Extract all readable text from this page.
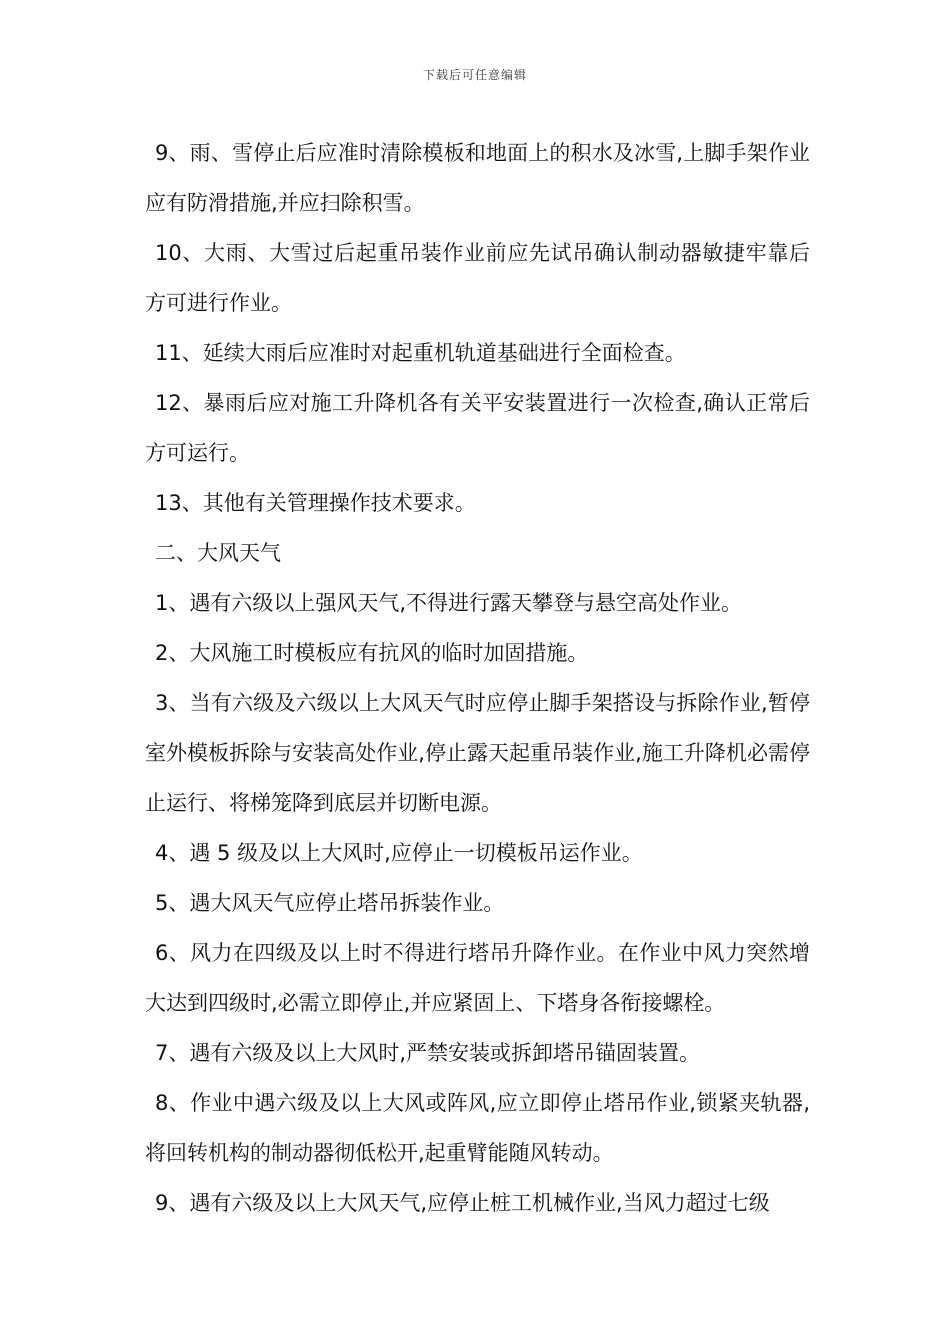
下载后可任意编辑

9、雨、雪停止后应准时清除模板和地面上的积水及冰雪,上脚手架作业应有防滑措施,并应扫除积雪。

10、大雨、大雪过后起重吊装作业前应先试吊确认制动器敏捷牢靠后方可进行作业。

11、延续大雨后应准时对起重机轨道基础进行全面检查。

12、暴雨后应对施工升降机各有关平安装置进行一次检查,确认正常后方可运行。

13、其他有关管理操作技术要求。

二、大风天气

1、遇有六级以上强风天气,不得进行露天攀登与悬空高处作业。

2、大风施工时模板应有抗风的临时加固措施。

3、当有六级及六级以上大风天气时应停止脚手架搭设与拆除作业,暂停室外模板拆除与安装高处作业,停止露天起重吊装作业,施工升降机必需停止运行、将梯笼降到底层并切断电源。

4、遇 5 级及以上大风时,应停止一切模板吊运作业。

5、遇大风天气应停止塔吊拆装作业。

6、风力在四级及以上时不得进行塔吊升降作业。在作业中风力突然增大达到四级时,必需立即停止,并应紧固上、下塔身各衔接螺栓。

7、遇有六级及以上大风时,严禁安装或拆卸塔吊锚固装置。

8、作业中遇六级及以上大风或阵风,应立即停止塔吊作业,锁紧夹轨器,将回转机构的制动器彻低松开,起重臂能随风转动。

9、遇有六级及以上大风天气,应停止桩工机械作业,当风力超过七级
